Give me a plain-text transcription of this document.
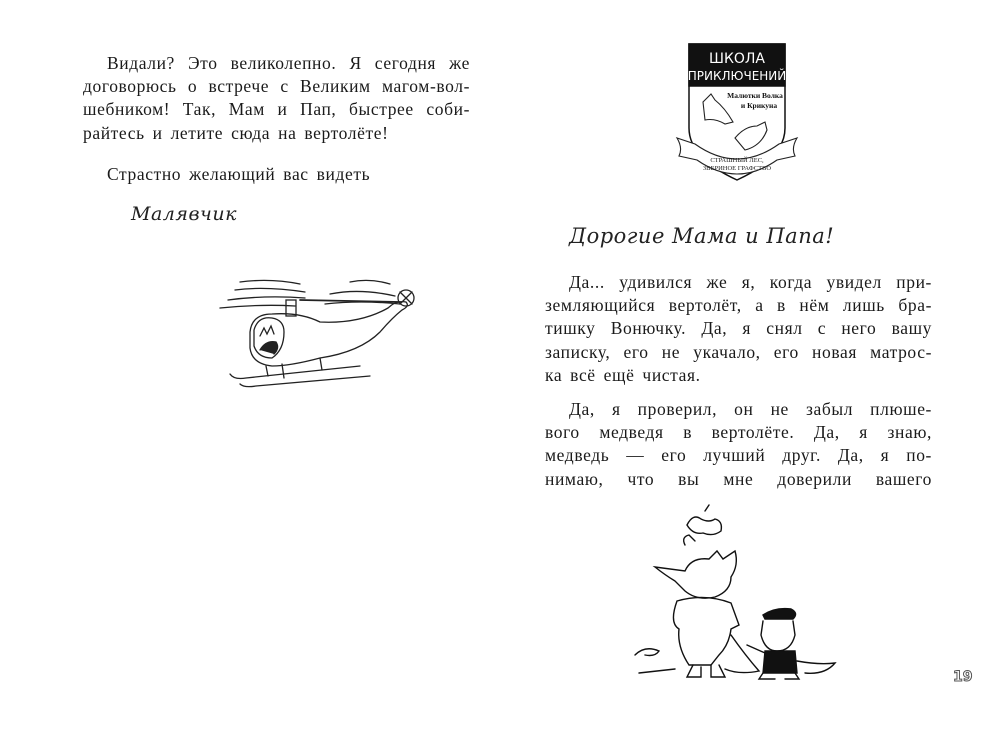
Видали? Это великолепно. Я сегодня же
договорюсь о встрече с Великим магом-вол-
шебником! Так, Мам и Пап, быстрее соби-
райтесь и летите сюда на вертолёте!
Страстно желающий вас видеть
Малявчик
ШКОЛА
ПРИКЛЮЧЕНИЙ
Малютки Волка
и Крикуна
СТРАШНЫЙ ЛЕС,
ЗВЕРИНОЕ ГРАФСТВО
Дорогие Мама и Папа!
Да... удивился же я, когда увидел при-
земляющийся вертолёт, а в нём лишь бра-
тишку Вонючку. Да, я снял с него вашу
записку, его не укачало, его новая матрос-
ка всё ещё чистая.
Да, я проверил, он не забыл плюше-
вого медведя в вертолёте. Да, я знаю,
медведь — его лучший друг. Да, я по-
нимаю, что вы мне доверили вашего
19
